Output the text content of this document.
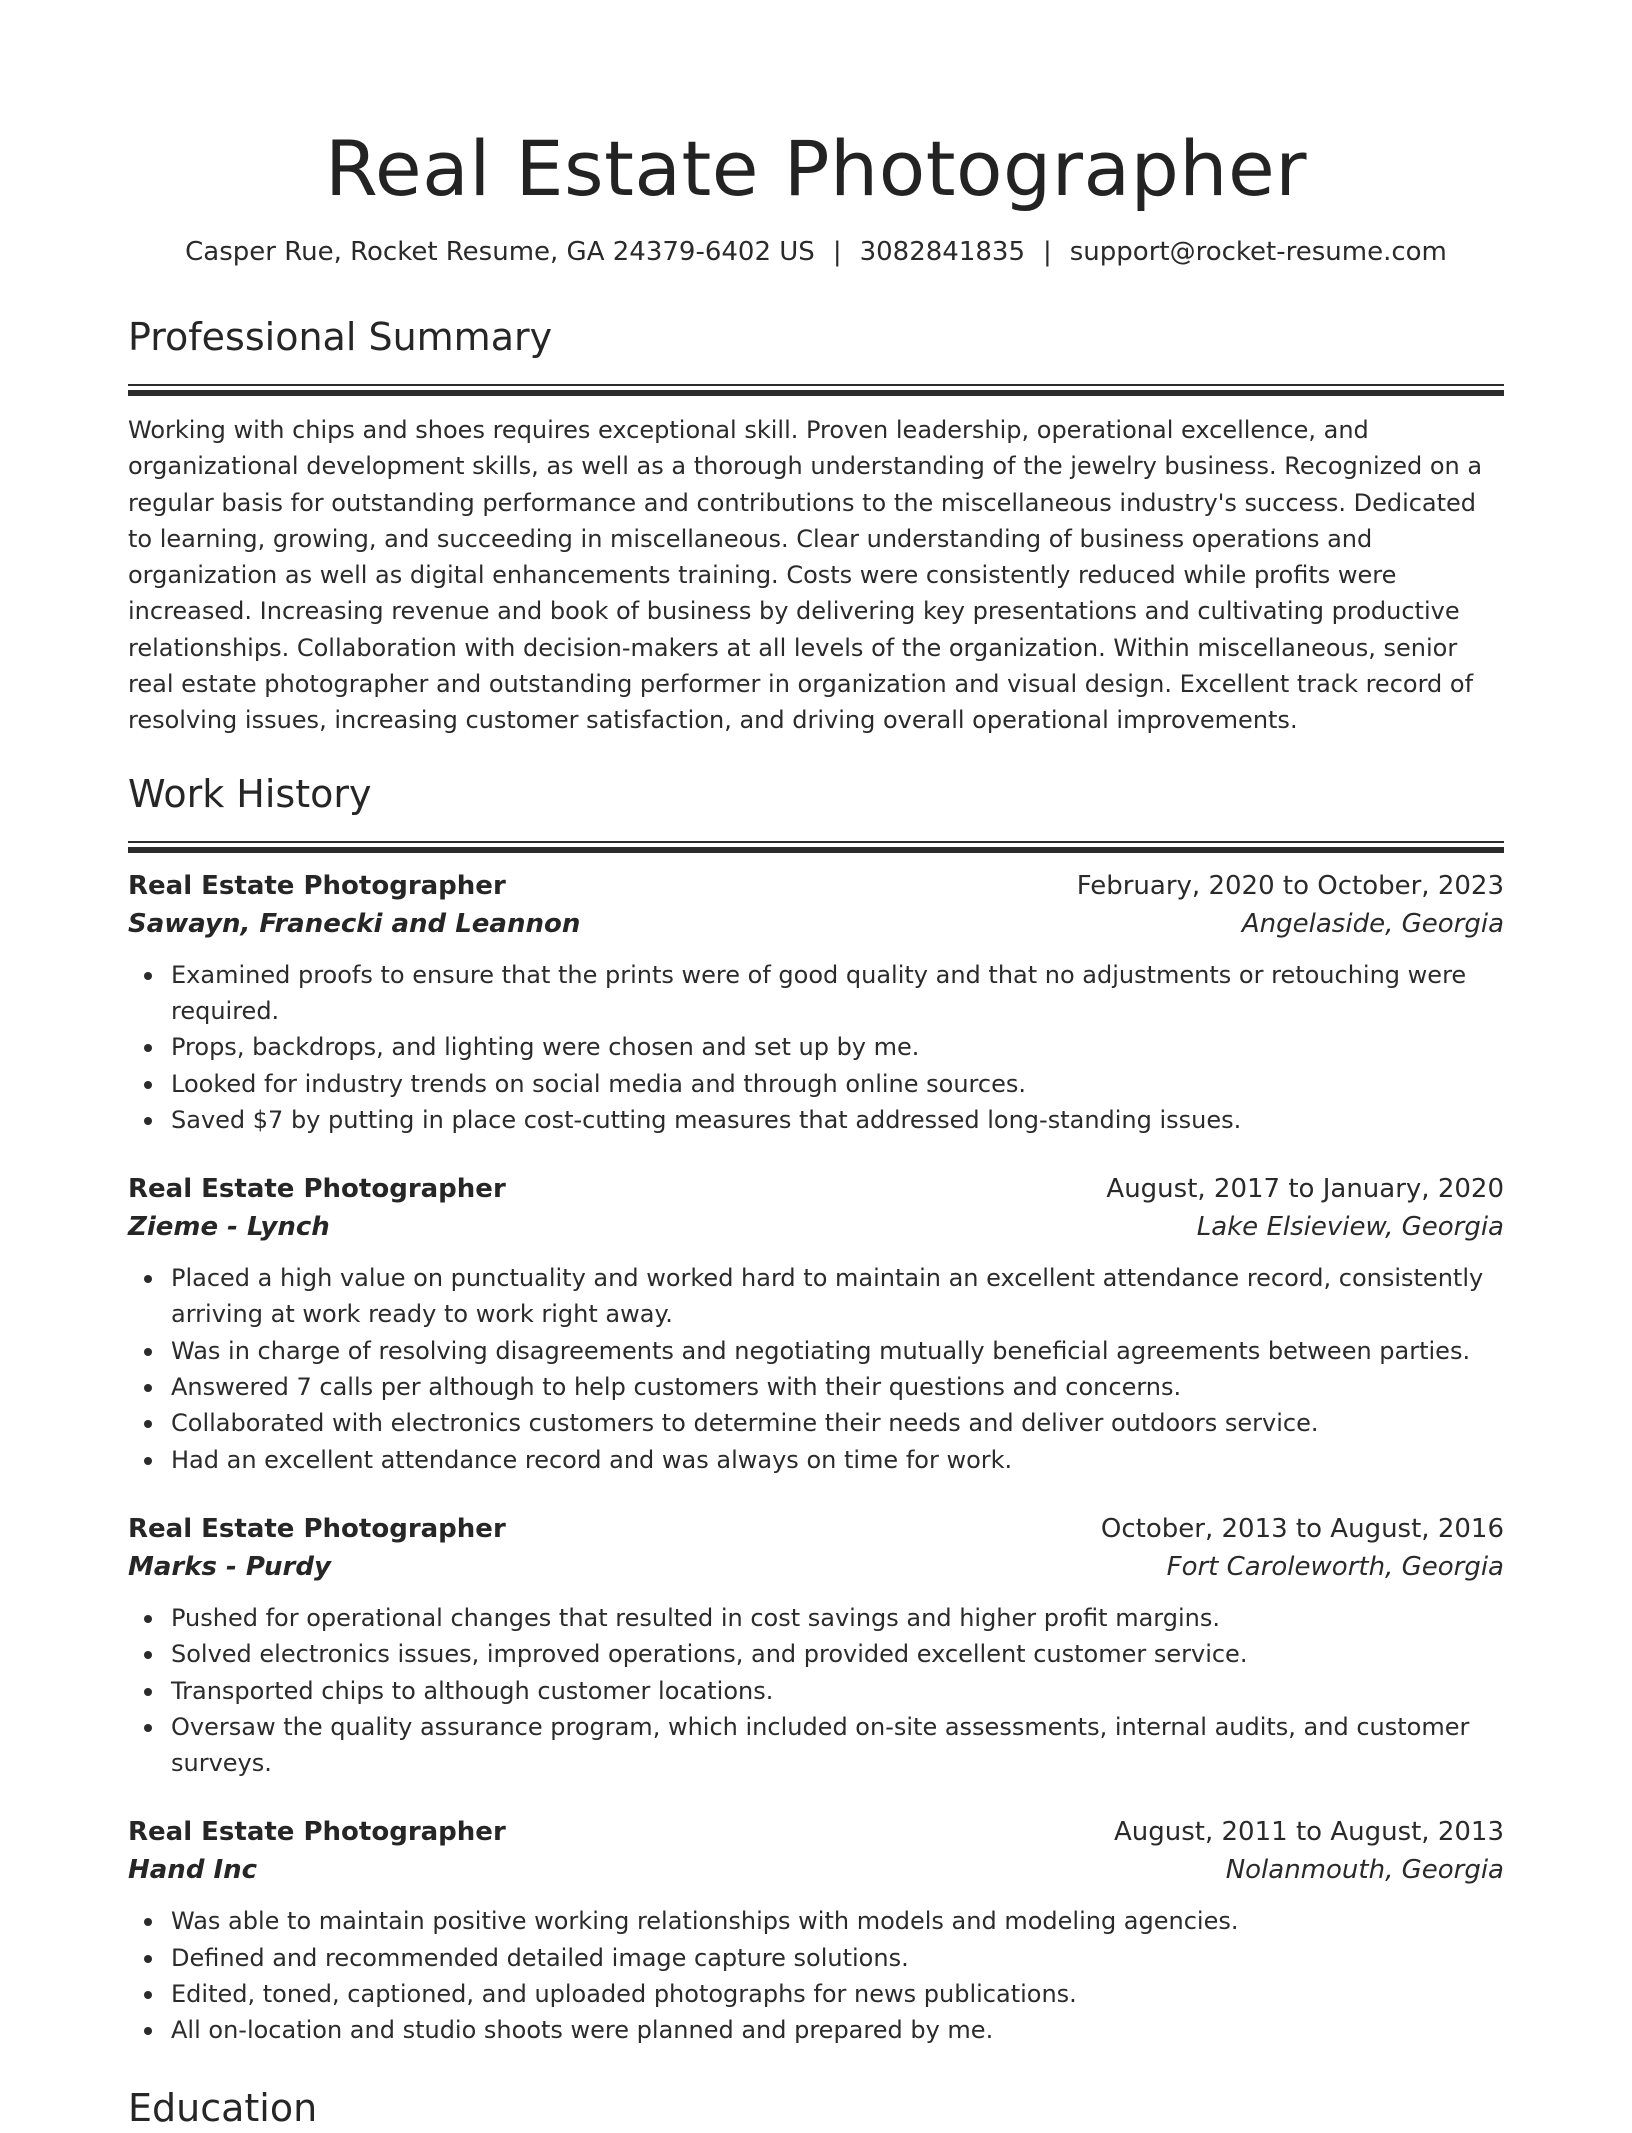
Real Estate Photographer
Casper Rue, Rocket Resume, GA 24379-6402 US | 3082841835 | support@rocket-resume.com
Professional Summary

Working with chips and shoes requires exceptional skill. Proven leadership, operational excellence, and organizational development skills, as well as a thorough understanding of the jewelry business. Recognized on a regular basis for outstanding performance and contributions to the miscellaneous industry's success. Dedicated to learning, growing, and succeeding in miscellaneous. Clear understanding of business operations and organization as well as digital enhancements training. Costs were consistently reduced while profits were increased. Increasing revenue and book of business by delivering key presentations and cultivating productive relationships. Collaboration with decision-makers at all levels of the organization. Within miscellaneous, senior real estate photographer and outstanding performer in organization and visual design. Excellent track record of resolving issues, increasing customer satisfaction, and driving overall operational improvements.

Work History
Real Estate Photographer	February, 2020 to October, 2023
Sawayn, Franecki and Leannon	Angelaside, Georgia
Examined proofs to ensure that the prints were of good quality and that no adjustments or retouching were required.
Props, backdrops, and lighting were chosen and set up by me.
Looked for industry trends on social media and through online sources.
Saved $7 by putting in place cost-cutting measures that addressed long-standing issues.
Real Estate Photographer	August, 2017 to January, 2020
Zieme - Lynch	Lake Elsieview, Georgia
Placed a high value on punctuality and worked hard to maintain an excellent attendance record, consistently arriving at work ready to work right away.
Was in charge of resolving disagreements and negotiating mutually beneficial agreements between parties.
Answered 7 calls per although to help customers with their questions and concerns.
Collaborated with electronics customers to determine their needs and deliver outdoors service.
Had an excellent attendance record and was always on time for work.
Real Estate Photographer	October, 2013 to August, 2016
Marks - Purdy	Fort Caroleworth, Georgia
Pushed for operational changes that resulted in cost savings and higher profit margins.
Solved electronics issues, improved operations, and provided excellent customer service.
Transported chips to although customer locations.
Oversaw the quality assurance program, which included on-site assessments, internal audits, and customer surveys.
Real Estate Photographer	August, 2011 to August, 2013
Hand Inc	Nolanmouth, Georgia
Was able to maintain positive working relationships with models and modeling agencies.
Defined and recommended detailed image capture solutions.
Edited, toned, captioned, and uploaded photographs for news publications.
All on-location and studio shoots were planned and prepared by me.
Education
